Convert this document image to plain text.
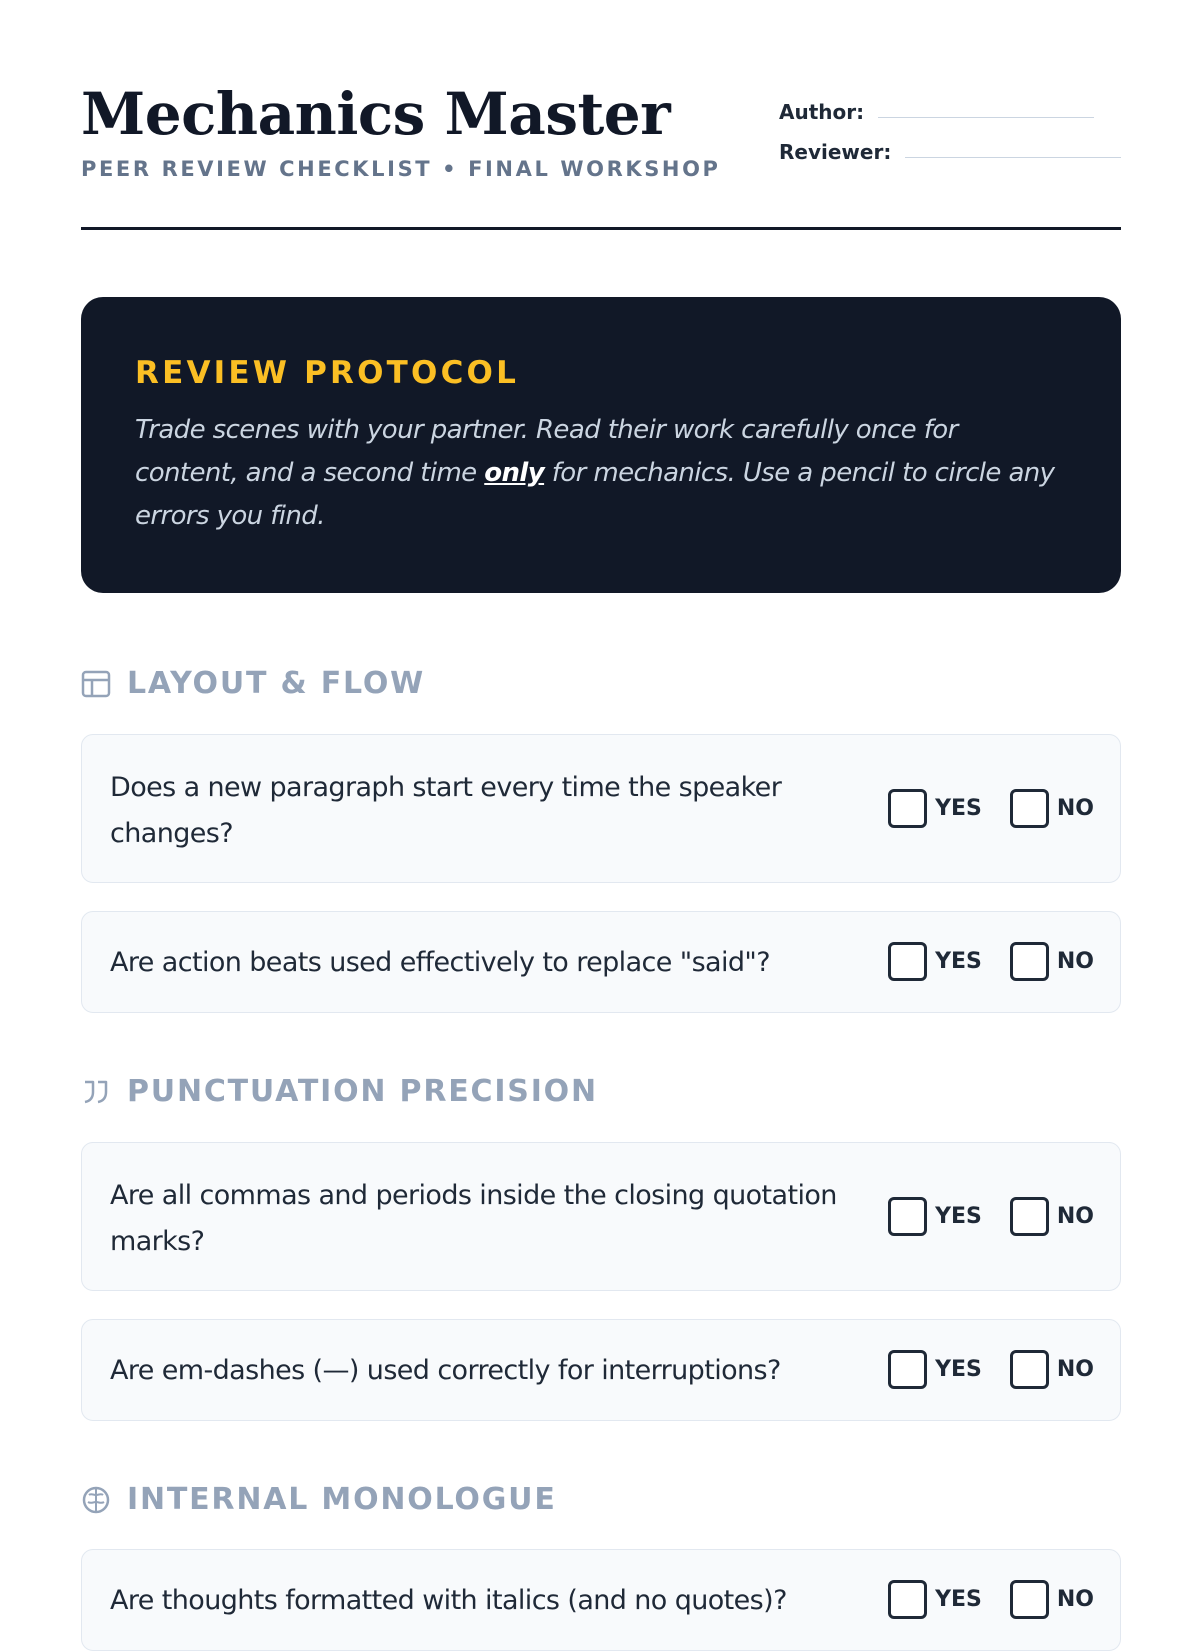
Mechanics Master
PEER REVIEW CHECKLIST • FINAL WORKSHOP
Author:
Reviewer:
REVIEW PROTOCOL
Trade scenes with your partner. Read their work carefully once for content, and a second time only for mechanics. Use a pencil to circle any errors you find.
LAYOUT & FLOW
Does a new paragraph start every time the speaker changes?
YES	NO
Are action beats used effectively to replace "said"?	YES	NO
PUNCTUATION PRECISION
Are all commas and periods inside the closing quotation marks?
YES	NO
Are em-dashes (—) used correctly for interruptions?	YES	NO
INTERNAL MONOLOGUE
Are thoughts formatted with italics (and no quotes)?	YES	NO
